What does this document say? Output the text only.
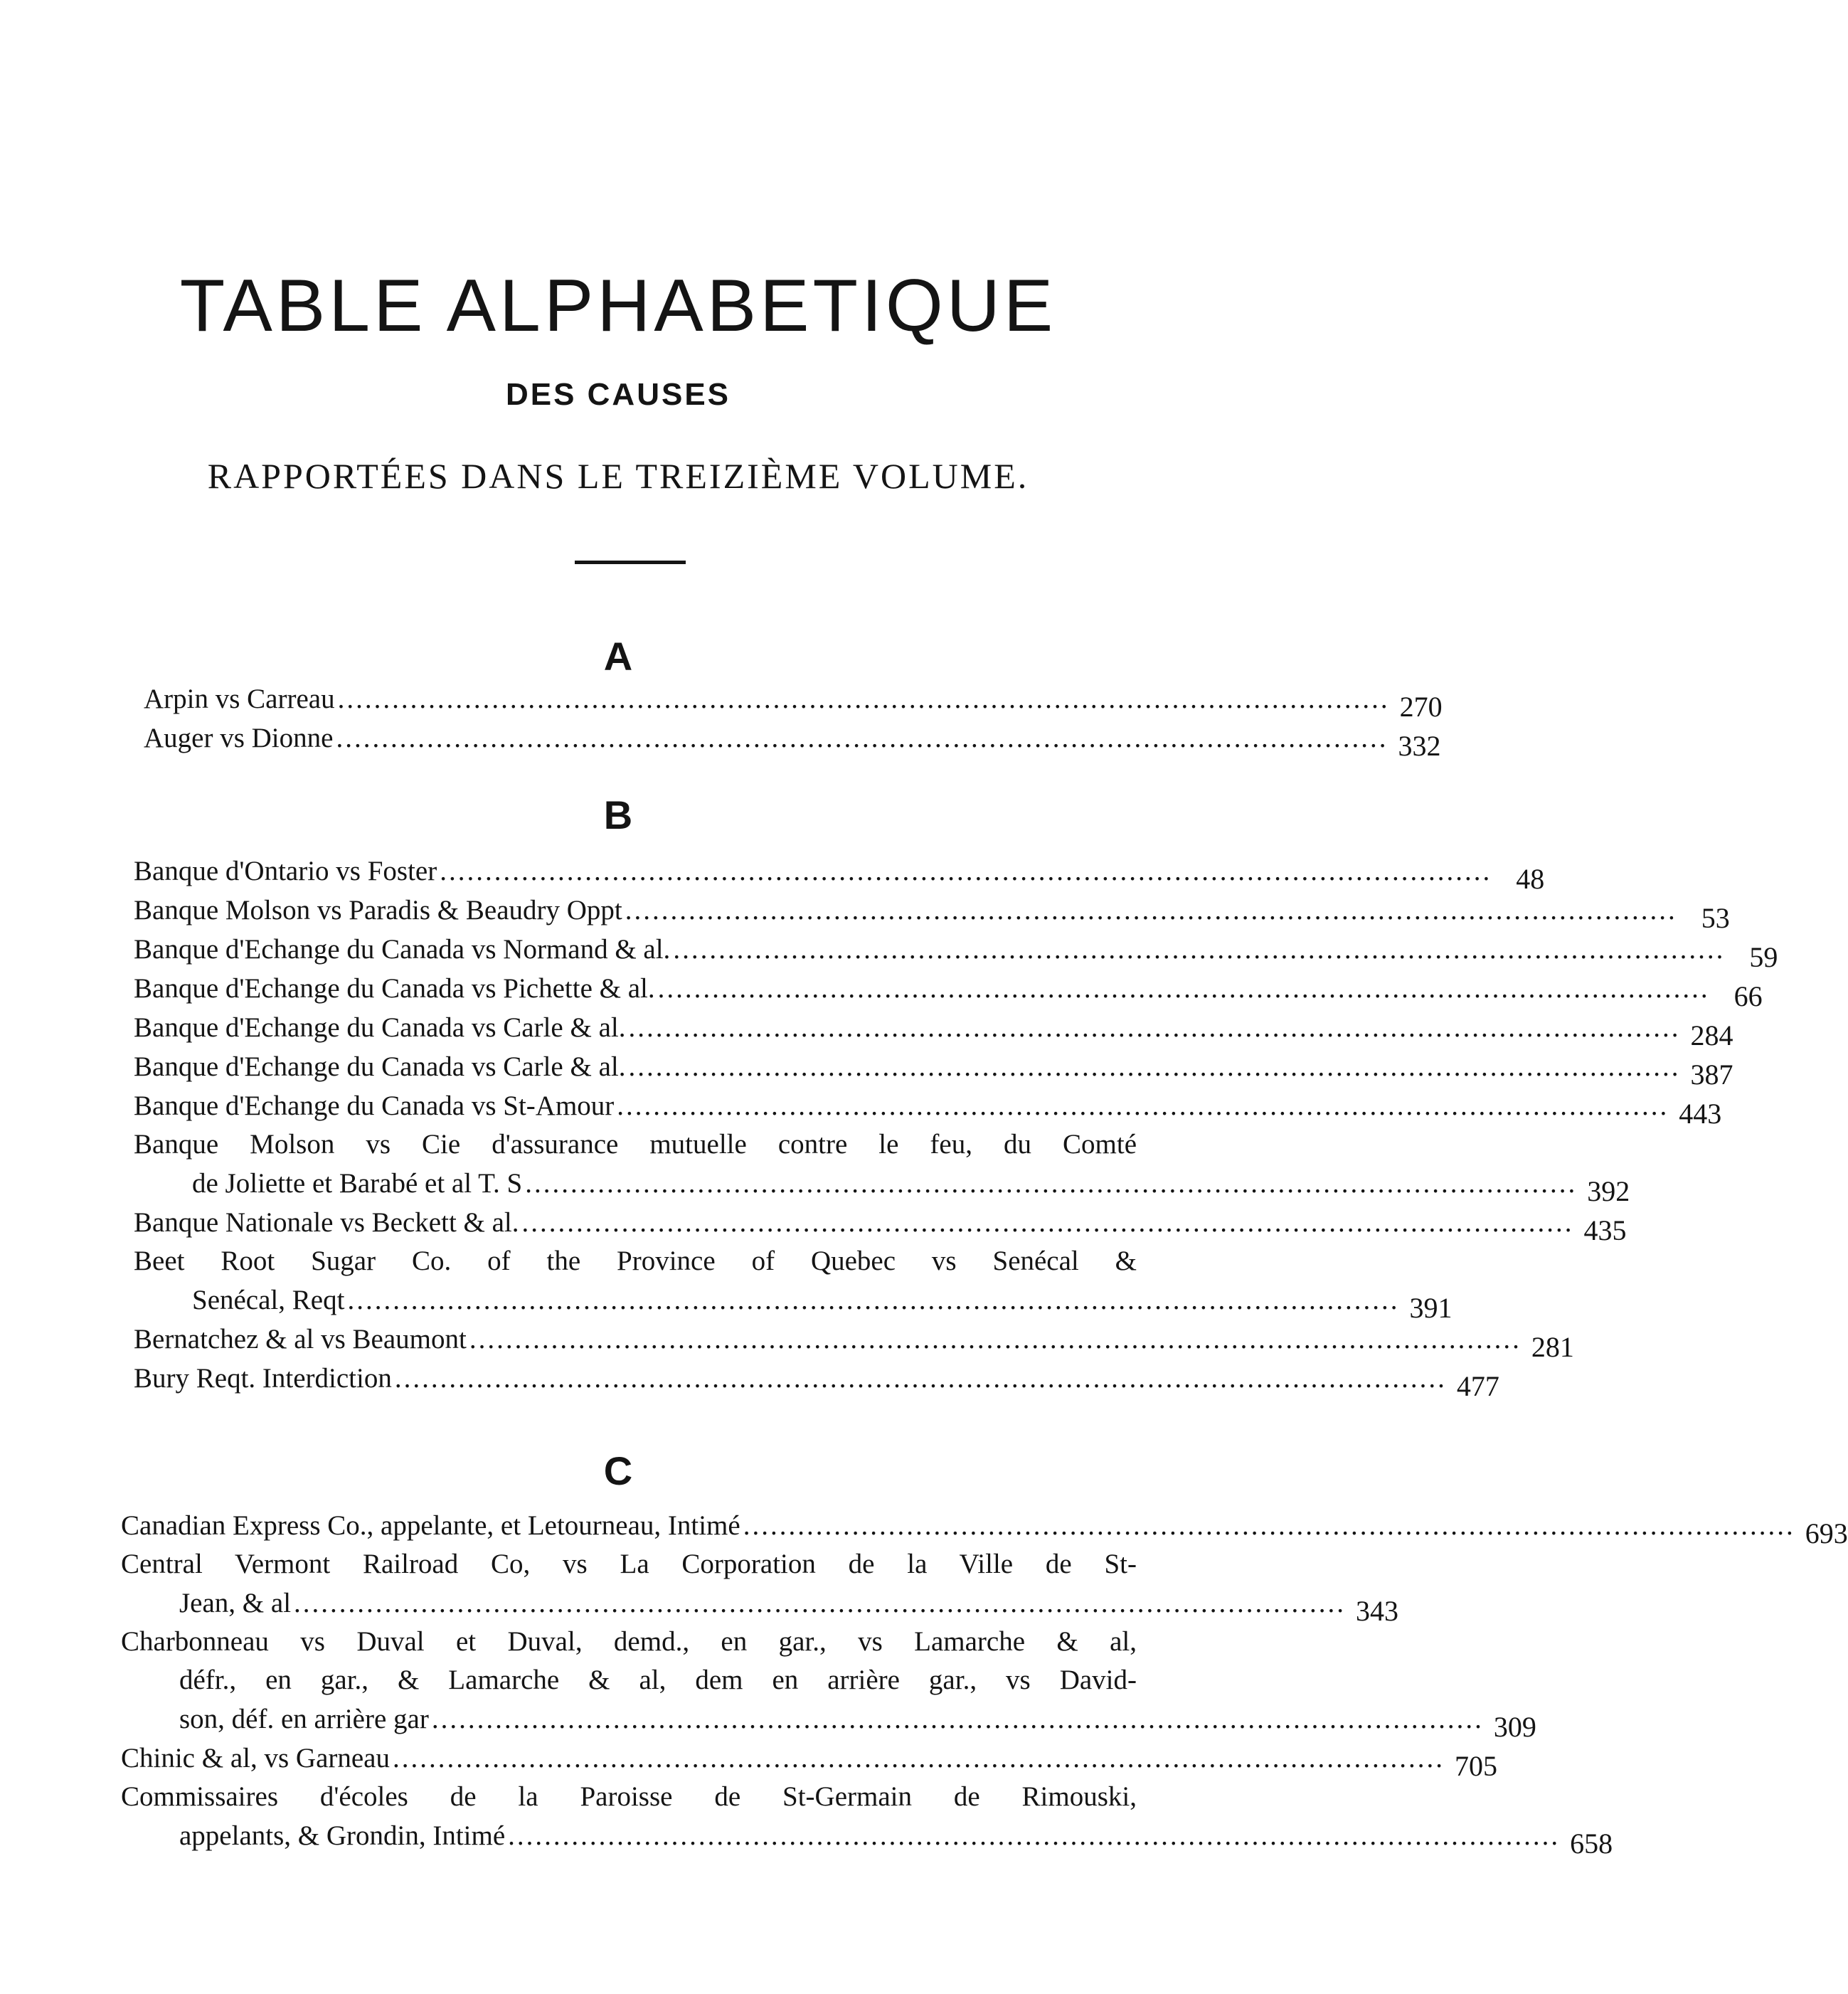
TABLE ALPHABETIQUE
DES CAUSES
RAPPORTÉES DANS LE TREIZIÈME VOLUME.
A
Arpin vs Carreau .................................................................................................................... 270
Auger vs Dionne .................................................................................................................... 332
B
Banque d'Ontario vs Foster .................................................................................................................... 48
Banque Molson vs Paradis & Beaudry Oppt .................................................................................................................... 53
Banque d'Echange du Canada vs Normand & al. .................................................................................................................... 59
Banque d'Echange du Canada vs Pichette & al. .................................................................................................................... 66
Banque d'Echange du Canada vs Carle & al. .................................................................................................................... 284
Banque d'Echange du Canada vs Carle & al. .................................................................................................................... 387
Banque d'Echange du Canada vs St-Amour .................................................................................................................... 443
Banque Molson vs Cie d'assurance mutuelle contre le feu, du Comté
de Joliette et Barabé et al T. S .................................................................................................................... 392
Banque Nationale vs Beckett & al. .................................................................................................................... 435
Beet Root Sugar Co. of the Province of Quebec vs Senécal &
Senécal, Reqt .................................................................................................................... 391
Bernatchez & al vs Beaumont .................................................................................................................... 281
Bury Reqt. Interdiction .................................................................................................................... 477
C
Canadian Express Co., appelante, et Letourneau, Intimé .................................................................................................................... 693
Central Vermont Railroad Co, vs La Corporation de la Ville de St-
Jean, & al .................................................................................................................... 343
Charbonneau vs Duval et Duval, demd., en gar., vs Lamarche & al,
défr., en gar., & Lamarche & al, dem en arrière gar., vs David-
son, déf. en arrière gar .................................................................................................................... 309
Chinic & al, vs Garneau .................................................................................................................... 705
Commissaires d'écoles de la Paroisse de St-Germain de Rimouski,
appelants, & Grondin, Intimé .................................................................................................................... 658
